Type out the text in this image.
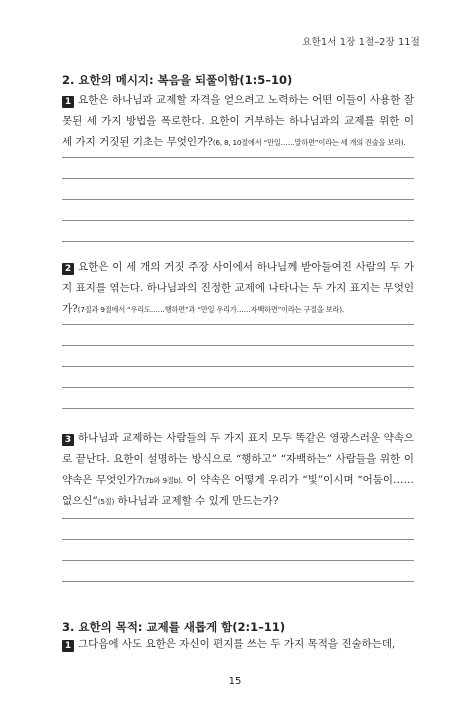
요한1서 1장 1절–2장 11절
2. 요한의 메시지: 복음을 되풀이함(1:5–10)
1 요한은 하나님과 교제할 자격을 얻으려고 노력하는 어떤 이들이 사용한 잘못된 세 가지 방법을 폭로한다. 요한이 거부하는 하나님과의 교제를 위한 이 세 가지 거짓된 기초는 무엇인가?(6, 8, 10절에서 “만일……말하면”이라는 세 개의 진술을 보라).
2 요한은 이 세 개의 거짓 주장 사이에서 하나님께 받아들여진 사람의 두 가지 표지를 엮는다. 하나님과의 진정한 교제에 나타나는 두 가지 표지는 무엇인가?(7절과 9절에서 “우리도……행하면”과 “만일 우리가……자백하면”이라는 구절을 보라).
3 하나님과 교제하는 사람들의 두 가지 표지 모두 똑같은 영광스러운 약속으로 끝난다. 요한이 설명하는 방식으로 “행하고” “자백하는” 사람들을 위한 이 약속은 무엇인가?(7b와 9절b). 이 약속은 어떻게 우리가 “빛”이시며 “어둠이……없으신”(5절) 하나님과 교제할 수 있게 만드는가?
3. 요한의 목적: 교제를 새롭게 함(2:1–11)
1 그다음에 사도 요한은 자신이 편지를 쓰는 두 가지 목적을 진술하는데,
15
